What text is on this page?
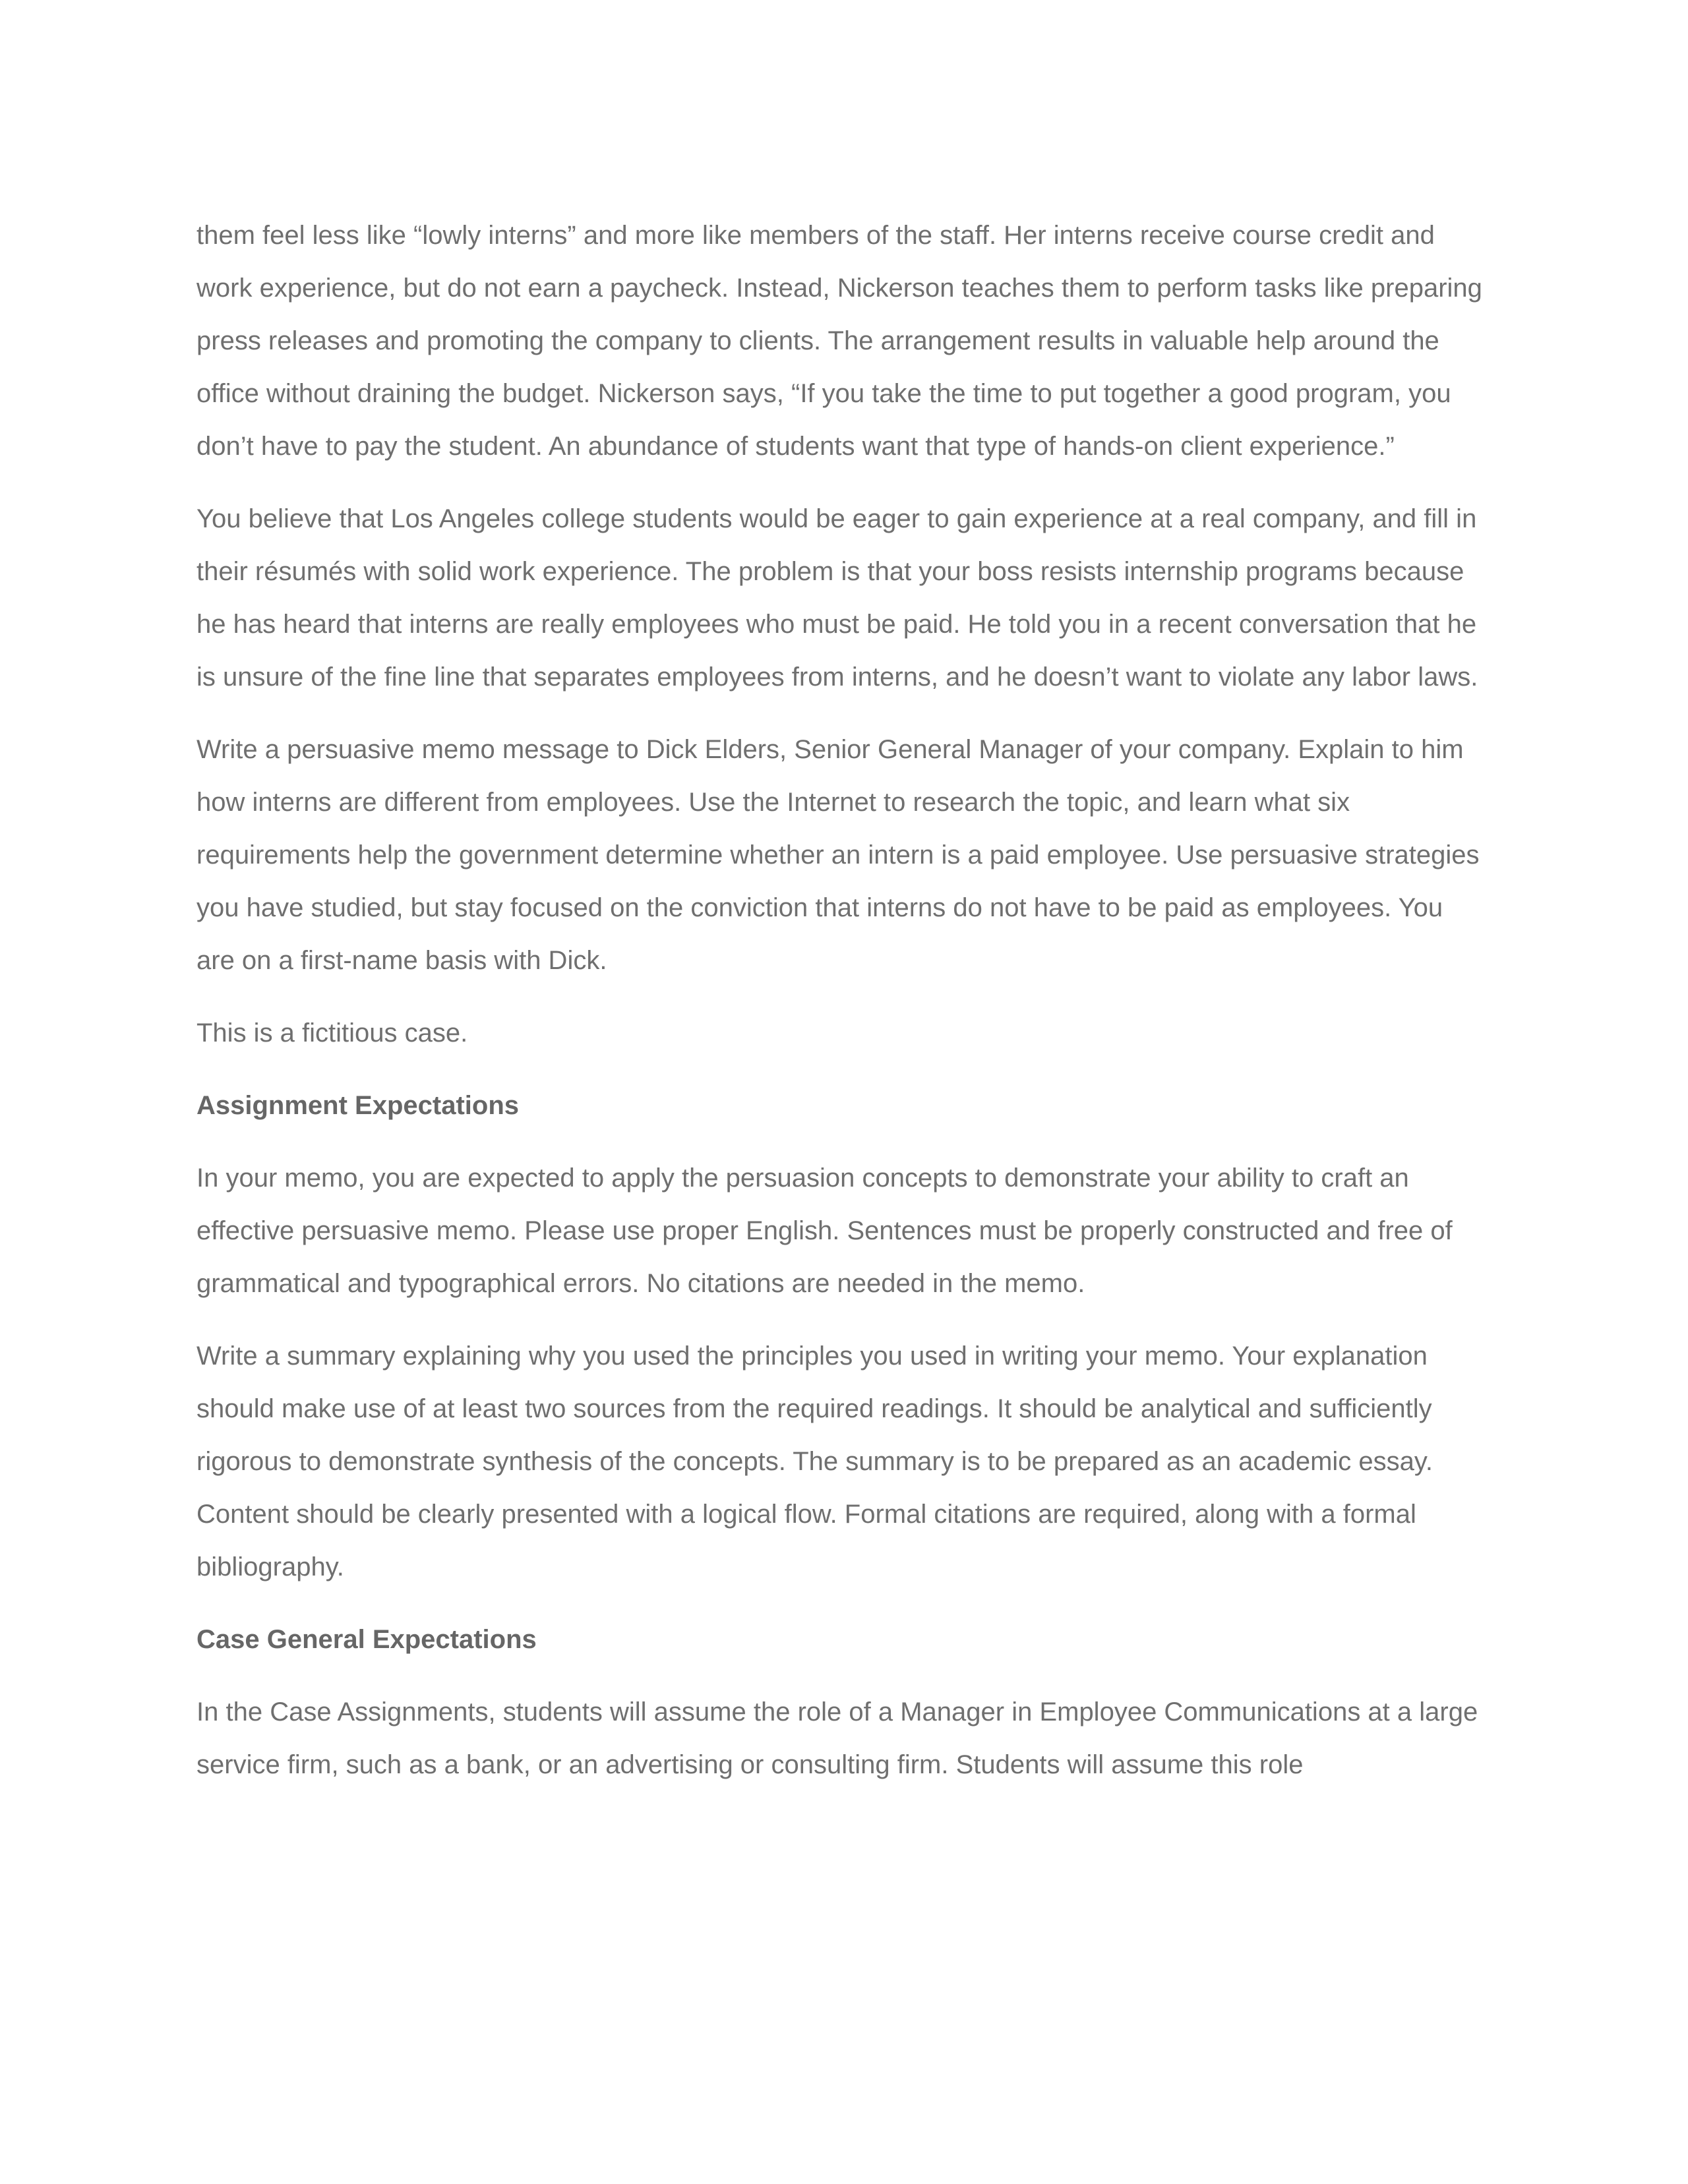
them feel less like “lowly interns” and more like members of the staff. Her interns receive course credit and work experience, but do not earn a paycheck. Instead, Nickerson teaches them to perform tasks like preparing press releases and promoting the company to clients. The arrangement results in valuable help around the office without draining the budget. Nickerson says, “If you take the time to put together a good program, you don’t have to pay the student. An abundance of students want that type of hands-on client experience.”

You believe that Los Angeles college students would be eager to gain experience at a real company, and fill in their résumés with solid work experience. The problem is that your boss resists internship programs because he has heard that interns are really employees who must be paid. He told you in a recent conversation that he is unsure of the fine line that separates employees from interns, and he doesn’t want to violate any labor laws.

Write a persuasive memo message to Dick Elders, Senior General Manager of your company. Explain to him how interns are different from employees. Use the Internet to research the topic, and learn what six requirements help the government determine whether an intern is a paid employee. Use persuasive strategies you have studied, but stay focused on the conviction that interns do not have to be paid as employees. You are on a first-name basis with Dick.

This is a fictitious case.

Assignment Expectations

In your memo, you are expected to apply the persuasion concepts to demonstrate your ability to craft an effective persuasive memo. Please use proper English. Sentences must be properly constructed and free of grammatical and typographical errors. No citations are needed in the memo.

Write a summary explaining why you used the principles you used in writing your memo. Your explanation should make use of at least two sources from the required readings. It should be analytical and sufficiently rigorous to demonstrate synthesis of the concepts. The summary is to be prepared as an academic essay. Content should be clearly presented with a logical flow. Formal citations are required, along with a formal bibliography.

Case General Expectations

In the Case Assignments, students will assume the role of a Manager in Employee Communications at a large service firm, such as a bank, or an advertising or consulting firm. Students will assume this role
